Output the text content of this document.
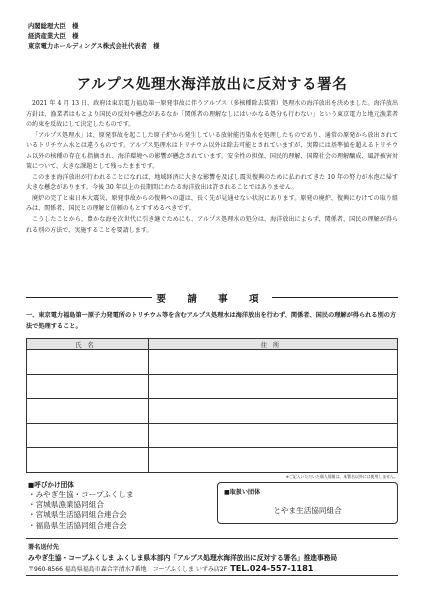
内閣総理大臣　様
経済産業大臣　様
東京電力ホールディングス株式会社代表者　様
アルプス処理水海洋放出に反対する署名

2021 年 4 月 13 日、政府は東京電力福島第一原発事故に伴うアルプス（多核種除去装置）処理水の海洋放出を決めました。海洋放出方針は、漁業者はもとより国民の反対や懸念があるなか「関係者の理解なしにはいかなる処分も行わない」という東京電力と地元漁業者の約束を反故にして決定したものです。

「アルプス処理水」は、原発事故を起こした原子炉から発生している放射能汚染水を処理したものであり、通常の原発から放出されているトリチウム水とは違うものです。アルプス処理水はトリチウム以外は除去可能とされていますが、実際には基準値を超えるトリチウム以外の核種の存在も指摘され、海洋環境への影響が懸念されています。安全性の担保、国民的理解、国際社会の理解醸成、風評被害対策について、大きな課題として残ったままです。

このまま海洋放出が行われることになれば、地域経済に大きな影響を及ぼし震災復興のために払われてきた 10 年の努力が水泡に帰す大きな懸念があります。今後 30 年以上の長期間にわたる海洋放出は許されることではありません。

廃炉の完了と東日本大震災、原発事故からの復興への道は、長く先が見通せない状況にあります。原発の廃炉、復興にむけての取り組みは、関係者、国民との理解と信頼のもとすすめるべきです。

こうしたことから、豊かな海を次世代に引き継ぐためにも、アルプス処理水の処分は、海洋放出によらず、関係者、国民の理解が得られる別の方法で、実施することを要請します。

要 請 事 項
一、東京電力福島第一原子力発電所のトリチウム等を含むアルプス処理水は海洋放出を行わず、関係者、国民の理解が得られる別の方法で処理すること。
氏名	住所

※ご記入いただいた個人情報は、本署名以外には使用しません。
■呼びかけ団体
・みやぎ生協・コープふくしま
・宮城県漁業協同組合
・宮城県生活協同組合連合会
・福島県生活協同組合連合会
■取扱い団体
とやま生活協同組合
署名送付先
みやぎ生協・コープふくしま ふくしま県本部内「アルプス処理水海洋放出に反対する署名」推進事務局
〒960-8566 福島県福島市森合字清水7番地　コープふくしま いずみ店2F TEL.024-557-1181
